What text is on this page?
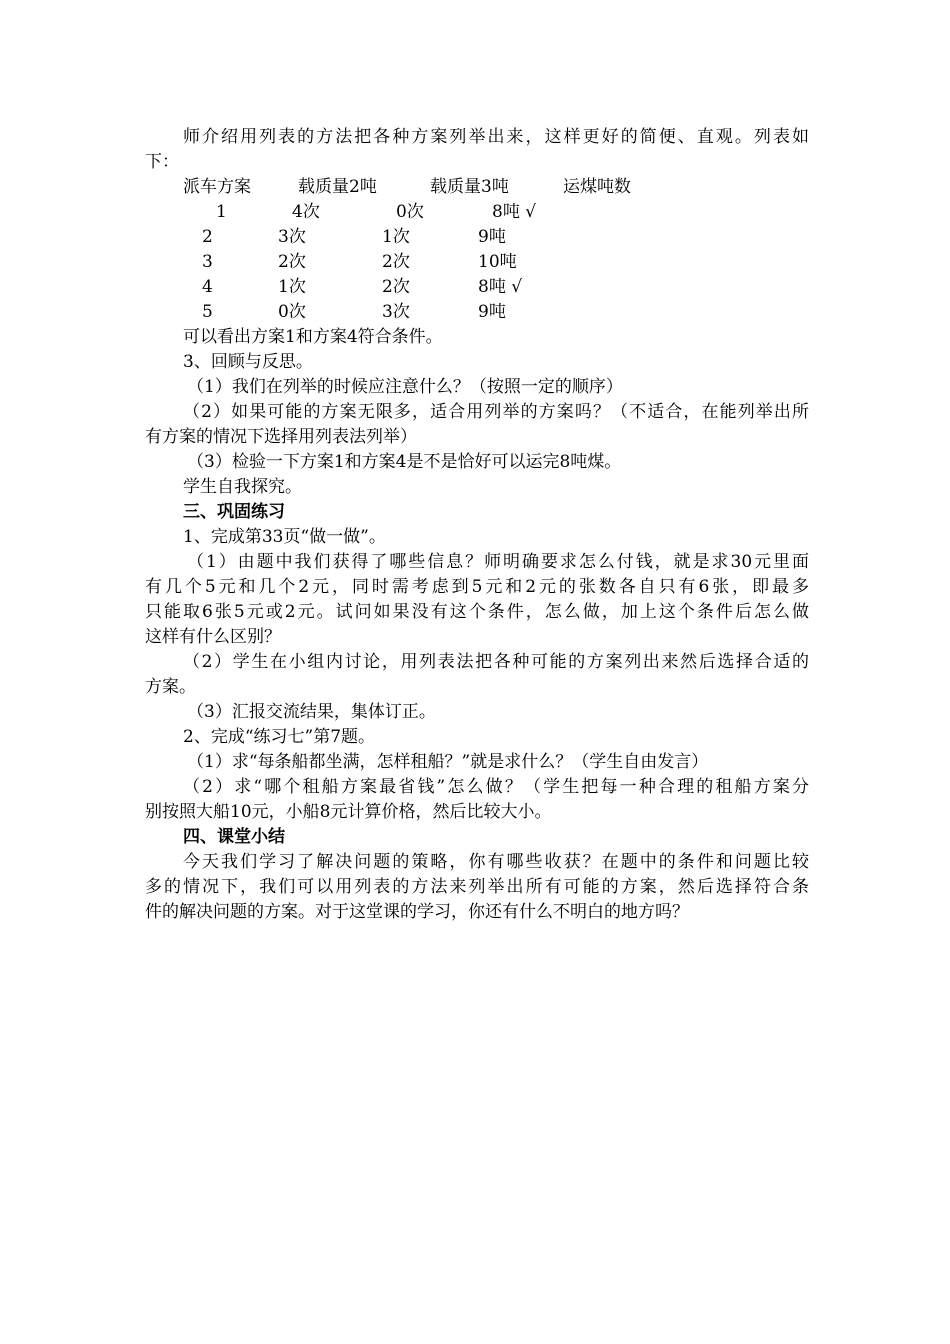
师介绍用列表的方法把各种方案列举出来，这样更好的简便、直观。列表如
下：
派车方案	载质量2吨	载质量3吨	运煤吨数
1	4次	0次	8吨 √
2	3次	1次	9吨
3	2次	2次	10吨
4	1次	2次	8吨 √
5	0次	3次	9吨
可以看出方案1和方案4符合条件。
3、回顾与反思。
（1）我们在列举的时候应注意什么？（按照一定的顺序）
（2）如果可能的方案无限多，适合用列举的方案吗？（不适合，在能列举出所
有方案的情况下选择用列表法列举）
（3）检验一下方案1和方案4是不是恰好可以运完8吨煤。
学生自我探究。
三、巩固练习
1、完成第33页“做一做”。
（1）由题中我们获得了哪些信息？师明确要求怎么付钱，就是求30元里面
有几个5元和几个2元，同时需考虑到5元和2元的张数各自只有6张，即最多
只能取6张5元或2元。试问如果没有这个条件，怎么做，加上这个条件后怎么做
这样有什么区别？
（2）学生在小组内讨论，用列表法把各种可能的方案列出来然后选择合适的
方案。
（3）汇报交流结果，集体订正。
2、完成“练习七”第7题。
（1）求“每条船都坐满，怎样租船？”就是求什么？（学生自由发言）
（2）求“哪个租船方案最省钱”怎么做？（学生把每一种合理的租船方案分
别按照大船10元，小船8元计算价格，然后比较大小。
四、课堂小结
今天我们学习了解决问题的策略，你有哪些收获？在题中的条件和问题比较
多的情况下，我们可以用列表的方法来列举出所有可能的方案，然后选择符合条
件的解决问题的方案。对于这堂课的学习，你还有什么不明白的地方吗？
